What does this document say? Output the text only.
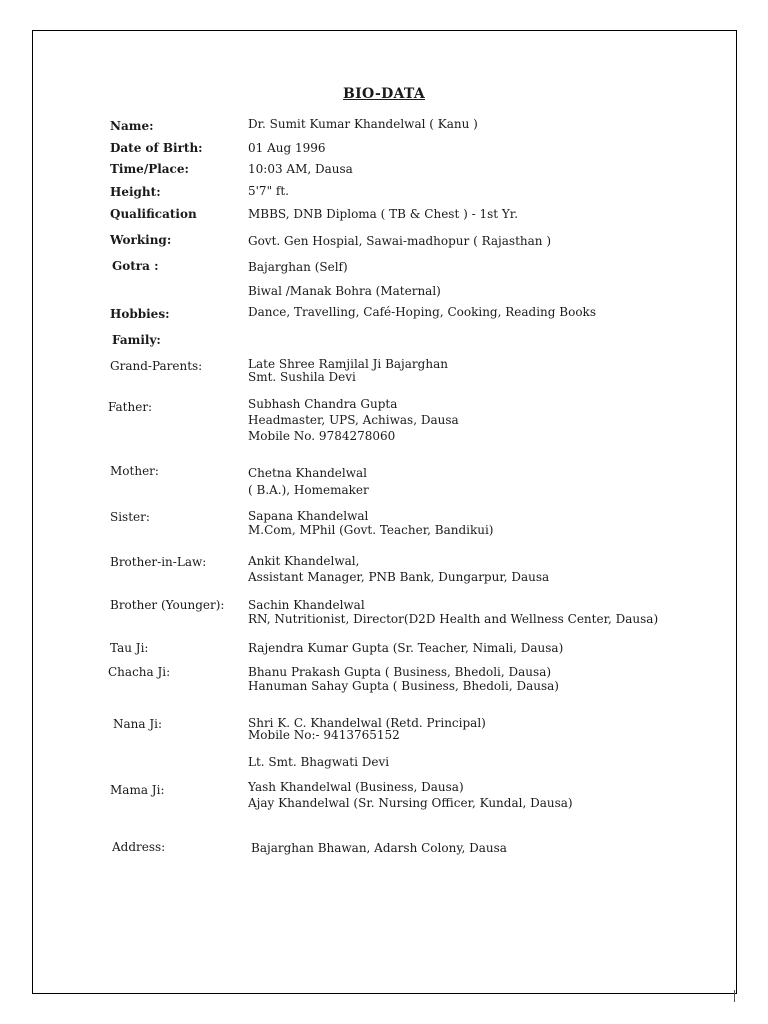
BIO-DATA
Name:	Dr. Sumit Kumar Khandelwal ( Kanu )
Date of Birth:	01 Aug 1996
Time/Place:	10:03 AM, Dausa
Height:	5'7" ft.
Qualification	MBBS, DNB Diploma ( TB & Chest ) - 1st Yr.
Working:	Govt. Gen Hospial, Sawai-madhopur ( Rajasthan )
Gotra :	Bajarghan (Self)
Biwal /Manak Bohra (Maternal)
Hobbies:	Dance, Travelling, Café-Hoping, Cooking, Reading Books
Family:
Grand-Parents:	Late Shree Ramjilal Ji Bajarghan
Smt. Sushila Devi
Father:	Subhash Chandra Gupta
Headmaster, UPS, Achiwas, Dausa
Mobile No. 9784278060
Mother:	Chetna Khandelwal
( B.A.), Homemaker
Sister:	Sapana Khandelwal
M.Com, MPhil (Govt. Teacher, Bandikui)
Brother-in-Law:	Ankit Khandelwal,
Assistant Manager, PNB Bank, Dungarpur, Dausa
Brother (Younger): Sachin Khandelwal
RN, Nutritionist, Director(D2D Health and Wellness Center, Dausa)
Tau Ji:	Rajendra Kumar Gupta (Sr. Teacher, Nimali, Dausa)
Chacha Ji:	Bhanu Prakash Gupta ( Business, Bhedoli, Dausa)
Hanuman Sahay Gupta ( Business, Bhedoli, Dausa)
Nana Ji:	Shri K. C. Khandelwal (Retd. Principal)
Mobile No:- 9413765152
Lt. Smt. Bhagwati Devi
Mama Ji:	Yash Khandelwal (Business, Dausa)
Ajay Khandelwal (Sr. Nursing Officer, Kundal, Dausa)
Address:	Bajarghan Bhawan, Adarsh Colony, Dausa
